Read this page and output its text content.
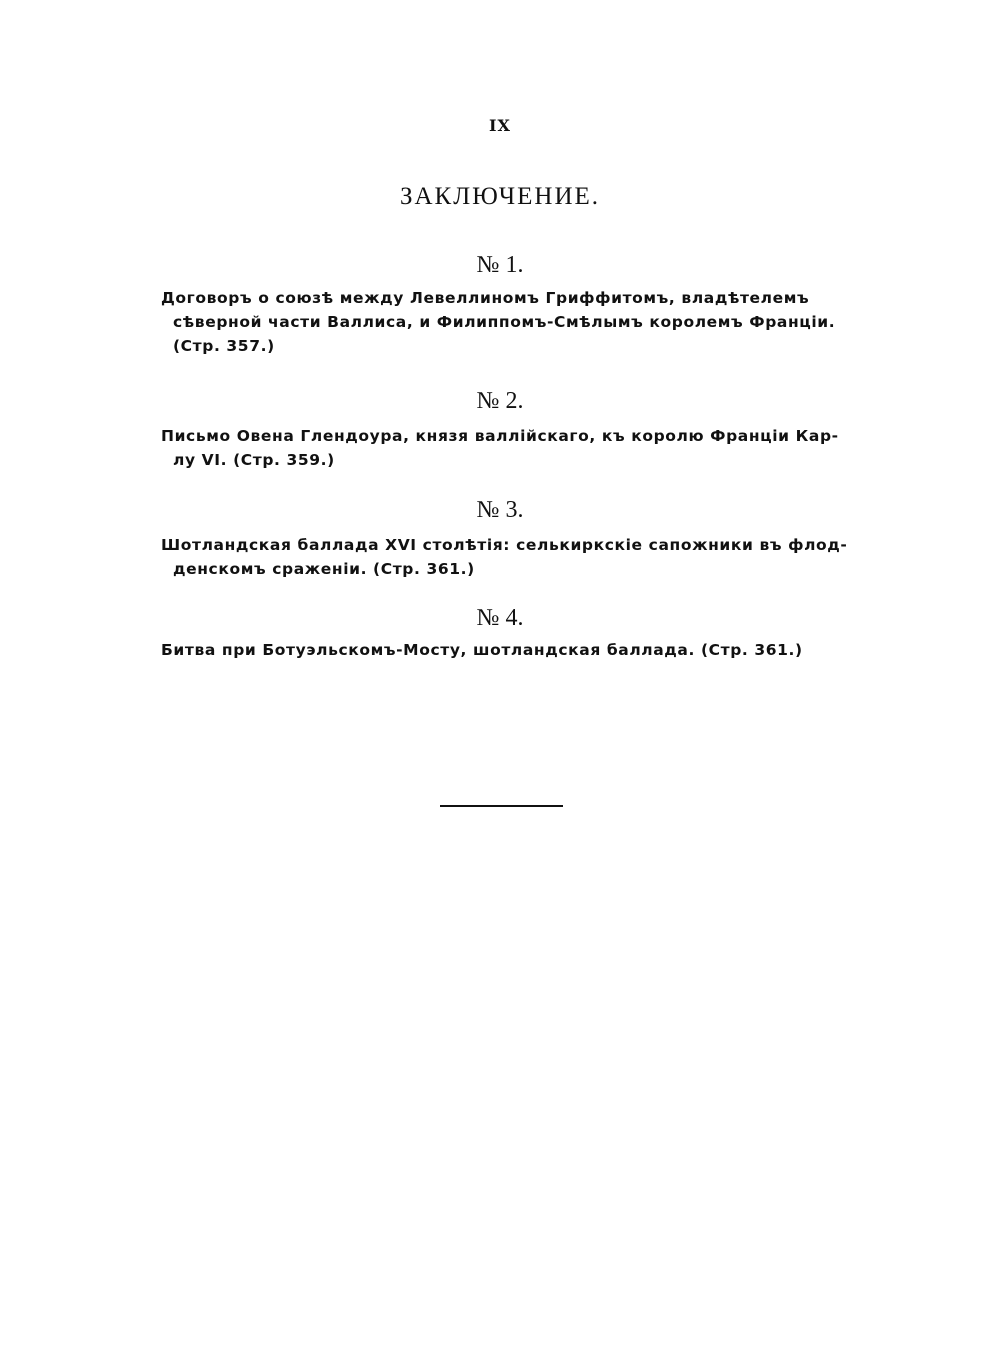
IX
ЗАКЛЮЧЕНИЕ.
№ 1.
Договоръ о союзѣ между Левеллиномъ Гриффитомъ, владѣтелемъ
сѣверной части Валлиса, и Филиппомъ-Смѣлымъ королемъ Франціи.
(Стр. 357.)
№ 2.
Письмо Овена Глендоура, князя валлійскаго, къ королю Франціи Кар-
лу VI. (Стр. 359.)
№ 3.
Шотландская баллада XVI столѣтія: селькиркскіе сапожники въ флод-
денскомъ сраженіи. (Стр. 361.)
№ 4.
Битва при Ботуэльскомъ-Мосту, шотландская баллада. (Стр. 361.)
